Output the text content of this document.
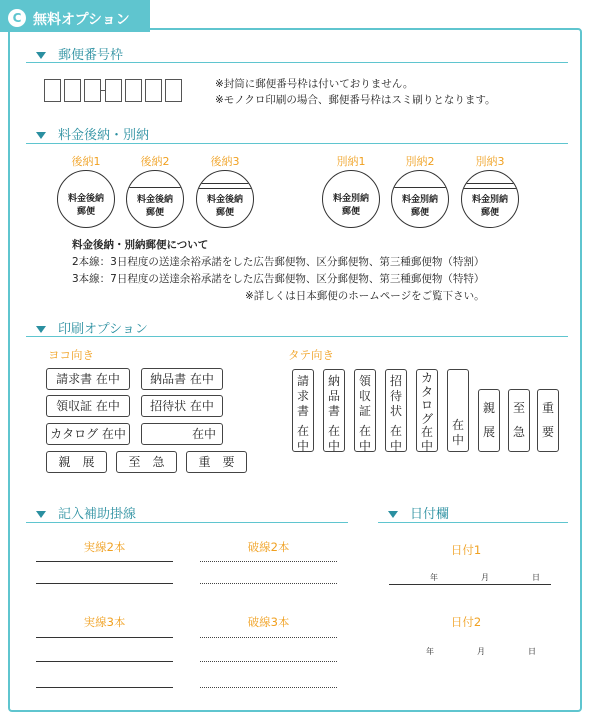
C 無料オプション
郵便番号枠
※封筒に郵便番号枠は付いておりません。
※モノクロ印刷の場合、郵便番号枠はスミ刷りとなります。
料金後納・別納
後納1	後納2	後納3	別納1	別納2	別納3
料金後納
郵便
料金後納
郵便
料金後納
郵便
料金別納
郵便
料金別納
郵便
料金別納
郵便
料金後納・別納郵便について
2本線：3日程度の送達余裕承諾をした広告郵便物、区分郵便物、第三種郵便物（特割）
3本線：7日程度の送達余裕承諾をした広告郵便物、区分郵便物、第三種郵便物（特特）
※詳しくは日本郵便のホームページをご覧下さい。
印刷オプション
ヨコ向き	タテ向き
請求書 在中	納品書 在中
領収証 在中	招待状 在中
カタログ 在中	在中
親　展	至　急	重　要
請
求
書
在
中
納
品
書
在
中
領
収
証
在
中
招
待
状
在
中
カ
タ
ロ
グ
在
中
在
中
親
展
至
急
重
要
記入補助掛線	日付欄
実線2本	破線2本
実線3本	破線3本
日付1
年	月	日
日付2
年	月	日
